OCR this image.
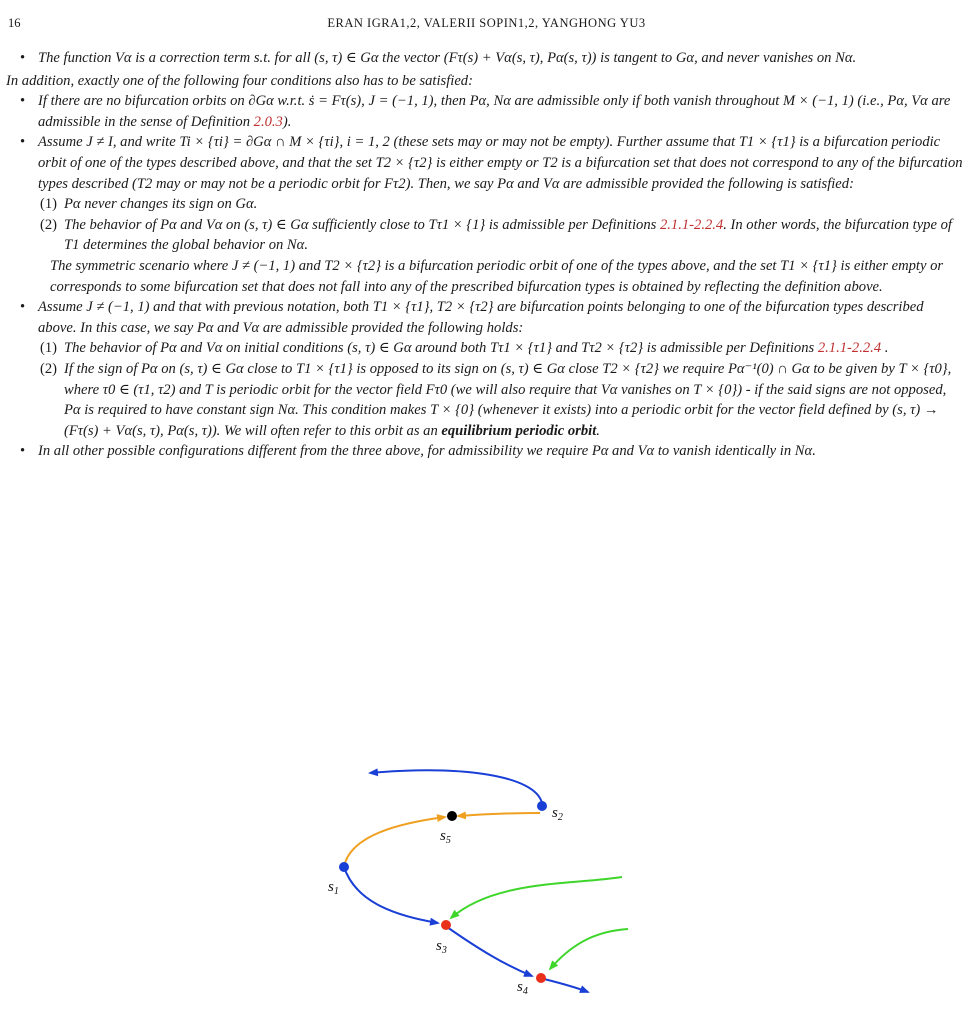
16	ERAN IGRA1,2, VALERII SOPIN1,2, YANGHONG YU3

• The function Vα is a correction term s.t. for all (s, τ) ∈ Gα the vector (Fτ(s) + Vα(s, τ), Pα(s, τ)) is tangent to Gα, and never vanishes on Nα.

In addition, exactly one of the following four conditions also has to be satisfied:

• If there are no bifurcation orbits on ∂Gα w.r.t. ṡ = Fτ(s), J = (−1, 1), then Pα, Nα are admissible only if both vanish throughout M × (−1, 1) (i.e., Pα, Vα are admissible in the sense of Definition 2.0.3).

• Assume J ≠ I, and write Ti × {τi} = ∂Gα ∩ M × {τi}, i = 1, 2 (these sets may or may not be empty). Further assume that T1 × {τ1} is a bifurcation periodic orbit of one of the types described above, and that the set T2 × {τ2} is either empty or T2 is a bifurcation set that does not correspond to any of the bifurcation types described (T2 may or may not be a periodic orbit for Fτ2). Then, we say Pα and Vα are admissible provided the following is satisfied:

(1) Pα never changes its sign on Gα.

(2) The behavior of Pα and Vα on (s, τ) ∈ Gα sufficiently close to Tτ1 × {1} is admissible per Definitions 2.1.1-2.2.4. In other words, the bifurcation type of T1 determines the global behavior on Nα.

The symmetric scenario where J ≠ (−1, 1) and T2 × {τ2} is a bifurcation periodic orbit of one of the types above, and the set T1 × {τ1} is either empty or corresponds to some bifurcation set that does not fall into any of the prescribed bifurcation types is obtained by reflecting the definition above.

• Assume J ≠ (−1, 1) and that with previous notation, both T1 × {τ1}, T2 × {τ2} are bifurcation points belonging to one of the bifurcation types described above. In this case, we say Pα and Vα are admissible provided the following holds:

(1) The behavior of Pα and Vα on initial conditions (s, τ) ∈ Gα around both Tτ1 × {τ1} and Tτ2 × {τ2} is admissible per Definitions 2.1.1-2.2.4 .

(2) If the sign of Pα on (s, τ) ∈ Gα close to T1 × {τ1} is opposed to its sign on (s, τ) ∈ Gα close T2 × {τ2} we require Pα⁻¹(0) ∩ Gα to be given by T × {τ0}, where τ0 ∈ (τ1, τ2) and T is periodic orbit for the vector field Fτ0 (we will also require that Vα vanishes on T × {0}) - if the said signs are not opposed, Pα is required to have constant sign Nα. This condition makes T × {0} (whenever it exists) into a periodic orbit for the vector field defined by (s, τ) → (Fτ(s) + Vα(s, τ), Pα(s, τ)). We will often refer to this orbit as an equilibrium periodic orbit.

• In all other possible configurations different from the three above, for admissibility we require Pα and Vα to vanish identically in Nα.

$s_1$
$s_2$
$s_5$
$s_3$
$s_4$
